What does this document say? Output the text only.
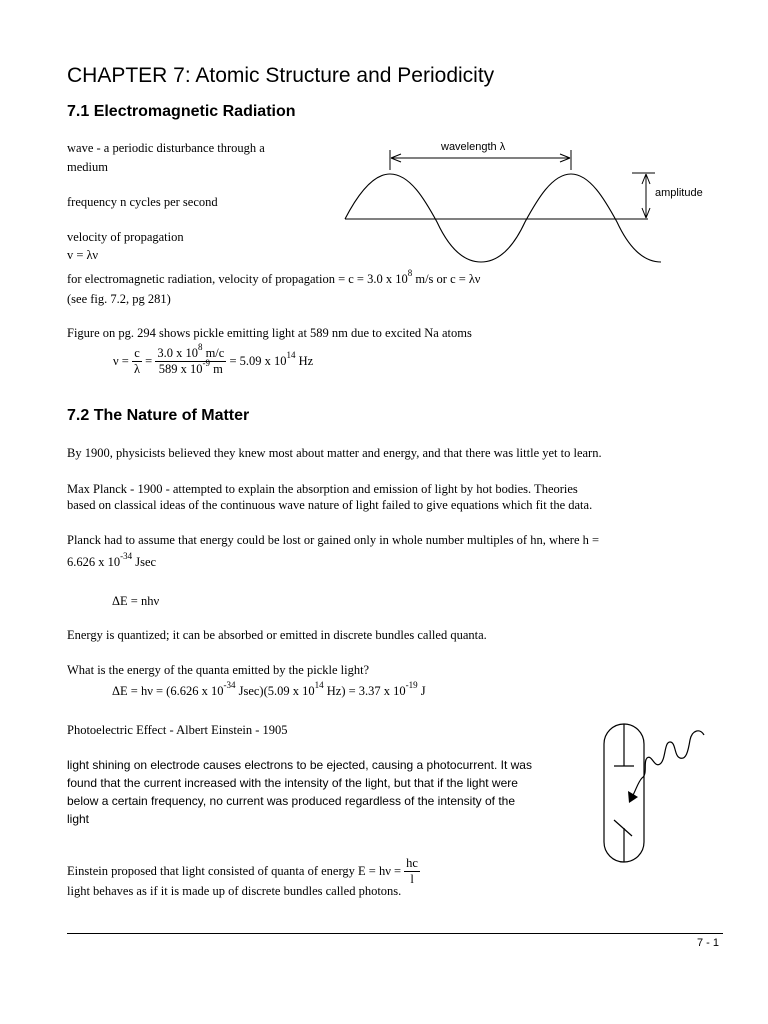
CHAPTER 7: Atomic Structure and Periodicity
7.1 Electromagnetic Radiation
wave - a periodic disturbance through a
medium
frequency n cycles per second
velocity of propagation
v = λν
wavelength λ
amplitude
for electromagnetic radiation, velocity of propagation = c = 3.0 x $10^8$ m/s or c = λν
(see fig. 7.2, pg 281)
Figure on pg. 294 shows pickle emitting light at 589 nm due to excited Na atoms
$\nu = \frac{c}{\lambda} = \frac{3.0 x 10^8 m/c}{589 x 10^{-9} m} = 5.09$ x $10^{14}$ Hz
7.2 The Nature of Matter
By 1900, physicists believed they knew most about matter and energy, and that there was little yet to learn.
Max Planck - 1900 - attempted to explain the absorption and emission of light by hot bodies. Theories
based on classical ideas of the continuous wave nature of light failed to give equations which fit the data.
Planck had to assume that energy could be lost or gained only in whole number multiples of hn, where h =
6.626 x $10^{-34}$ Jsec
ΔE = nhν
Energy is quantized; it can be absorbed or emitted in discrete bundles called quanta.
What is the energy of the quanta emitted by the pickle light?
ΔE = hν = (6.626 x $10^{-34}$ Jsec)(5.09 x $10^{14}$ Hz) = 3.37 x $10^{-19}$ J
Photoelectric Effect - Albert Einstein - 1905
light shining on electrode causes electrons to be ejected, causing a photocurrent. It was
found that the current increased with the intensity of the light, but that if the light were
below a certain frequency, no current was produced regardless of the intensity of the
light
Einstein proposed that light consisted of quanta of energy $E = h\nu = \frac{hc}{l}$
light behaves as if it is made up of discrete bundles called photons.
7 - 1
